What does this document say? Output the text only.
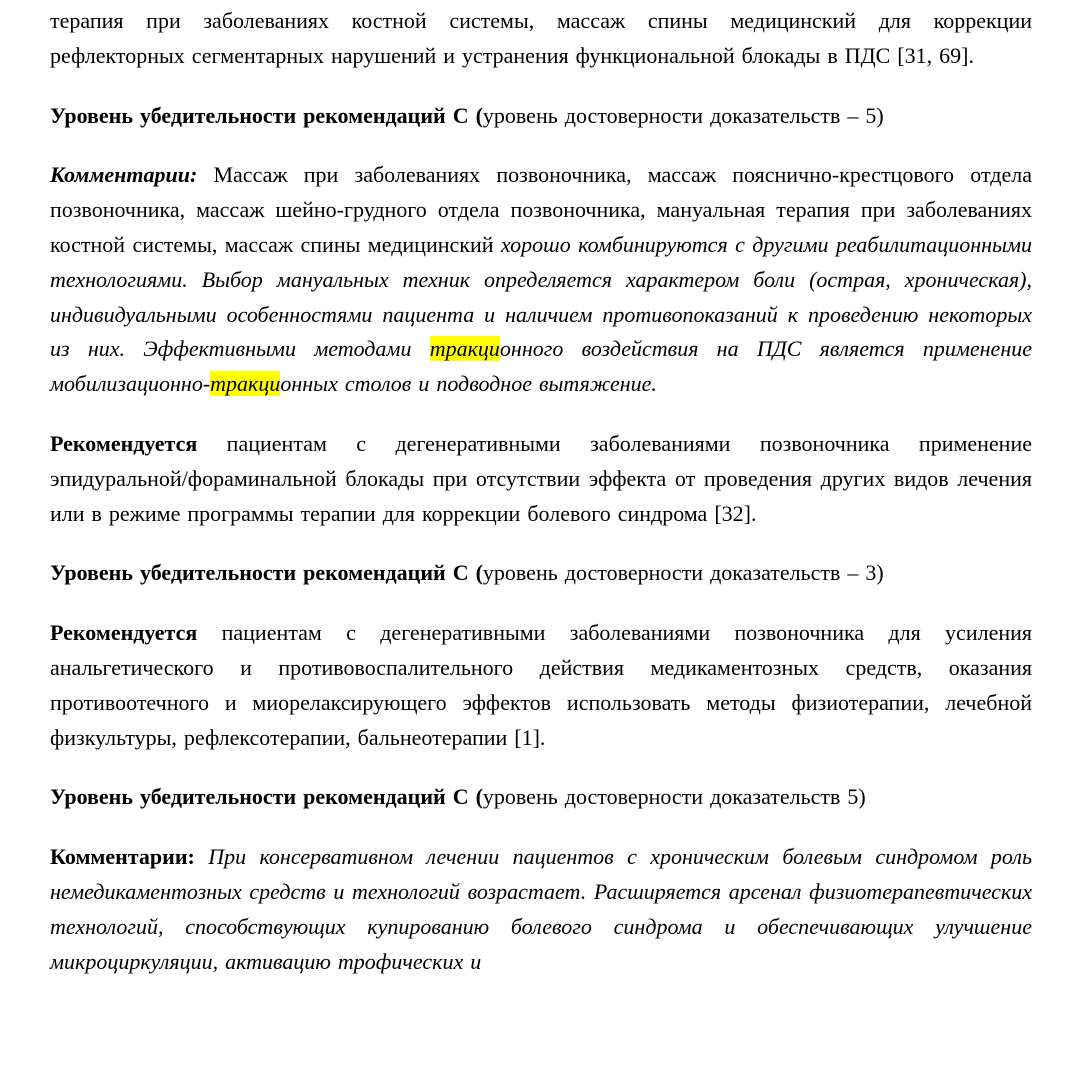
терапия при заболеваниях костной системы, массаж спины медицинский для коррекции рефлекторных сегментарных нарушений и устранения функциональной блокады в ПДС [31, 69].

Уровень убедительности рекомендаций С (уровень достоверности доказательств – 5)

Комментарии: Массаж при заболеваниях позвоночника, массаж пояснично-крестцового отдела позвоночника, массаж шейно-грудного отдела позвоночника, мануальная терапия при заболеваниях костной системы, массаж спины медицинский хорошо комбинируются с другими реабилитационными технологиями. Выбор мануальных техник определяется характером боли (острая, хроническая), индивидуальными особенностями пациента и наличием противопоказаний к проведению некоторых из них. Эффективными методами тракционного воздействия на ПДС является применение мобилизационно-тракционных столов и подводное вытяжение.

Рекомендуется пациентам с дегенеративными заболеваниями позвоночника применение эпидуральной/фораминальной блокады при отсутствии эффекта от проведения других видов лечения или в режиме программы терапии для коррекции болевого синдрома [32].

Уровень убедительности рекомендаций С (уровень достоверности доказательств – 3)

Рекомендуется пациентам с дегенеративными заболеваниями позвоночника для усиления анальгетического и противовоспалительного действия медикаментозных средств, оказания противоотечного и миорелаксирующего эффектов использовать методы физиотерапии, лечебной физкультуры, рефлексотерапии, бальнеотерапии [1].

Уровень убедительности рекомендаций С (уровень достоверности доказательств 5)

Комментарии: При консервативном лечении пациентов с хроническим болевым синдромом роль немедикаментозных средств и технологий возрастает. Расширяется арсенал физиотерапевтических технологий, способствующих купированию болевого синдрома и обеспечивающих улучшение микроциркуляции, активацию трофических и
